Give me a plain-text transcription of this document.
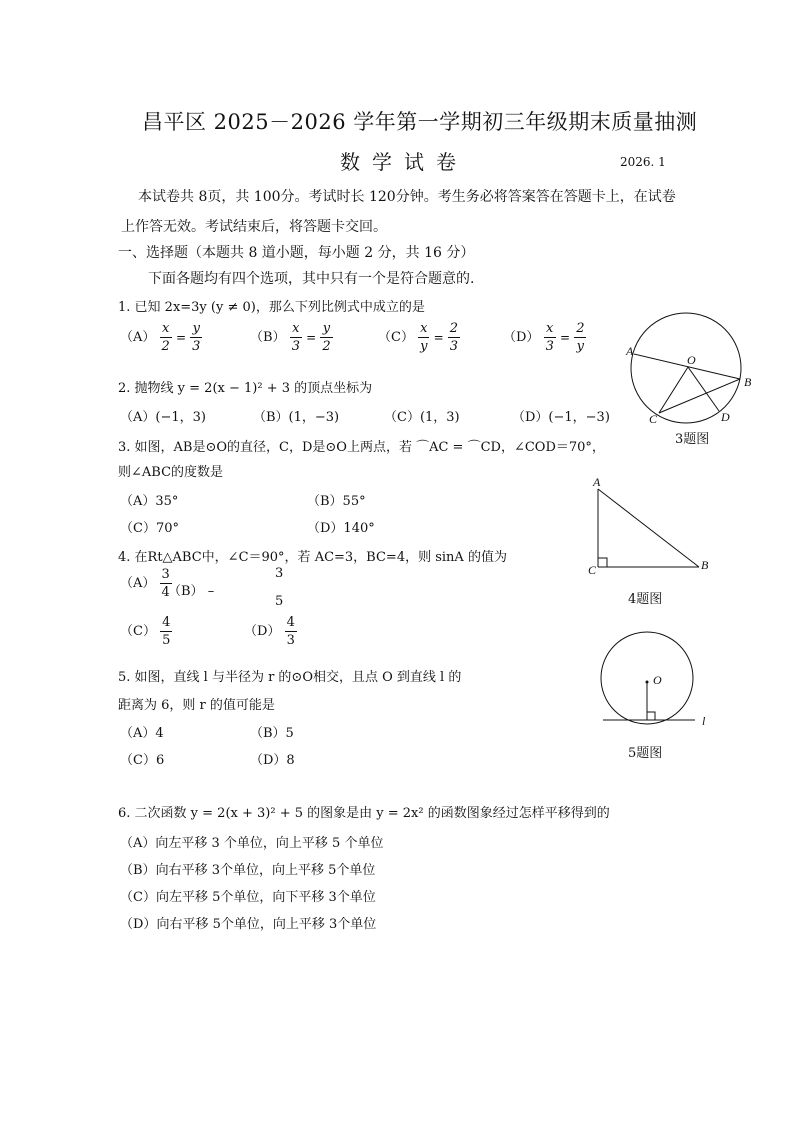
昌平区 2025－2026 学年第一学期初三年级期末质量抽测
数学试卷	2026. 1
本试卷共 8页，共 100分。考试时长 120分钟。考生务必将答案答在答题卡上，在试卷
上作答无效。考试结束后，将答题卡交回。
一、选择题（本题共 8 道小题，每小题 2 分，共 16 分）
下面各题均有四个选项，其中只有一个是符合题意的.
1. 已知 2x=3y (y ≠ 0)，那么下列比例式中成立的是
$(A) \frac{x}{2} = \frac{y}{3}$	$(B) \frac{x}{3} = \frac{y}{2}$	$(C) \frac{x}{y} = \frac{2}{3}$	$(D) \frac{x}{3} = \frac{2}{y}$
2. 抛物线 y = 2(x − 1)² + 3 的顶点坐标为
（A）(−1，3)	（B）(1，−3)	（C）(1，3)	（D）(−1，−3)
3. 如图，AB是⊙O的直径，C，D是⊙O上两点，若 ⌒AC = ⌒CD，∠COD＝70°，
则∠ABC的度数是
（A）35°	（B）55°
（C）70°	（D）140°
4. 在Rt△ABC中，∠C＝90°，若 AC=3，BC=4，则 sinA 的值为
$(A) \frac{3}{4}$
（B） –
3
5
$(C) \frac{4}{5}$	$(D) \frac{4}{3}$
5. 如图，直线 l 与半径为 r 的⊙O相交，且点 O 到直线 l 的
距离为 6，则 r 的值可能是
（A）4	（B）5
（C）6	（D）8
6. 二次函数 y = 2(x + 3)² + 5 的图象是由 y = 2x² 的函数图象经过怎样平移得到的
（A）向左平移 3 个单位，向上平移 5 个单位
（B）向右平移 3个单位，向上平移 5个单位
（C）向左平移 5个单位，向下平移 3个单位
（D）向右平移 5个单位，向上平移 3个单位
A
B
C	D
O
3题图
A
B
C
4题图
O
l
5题图
